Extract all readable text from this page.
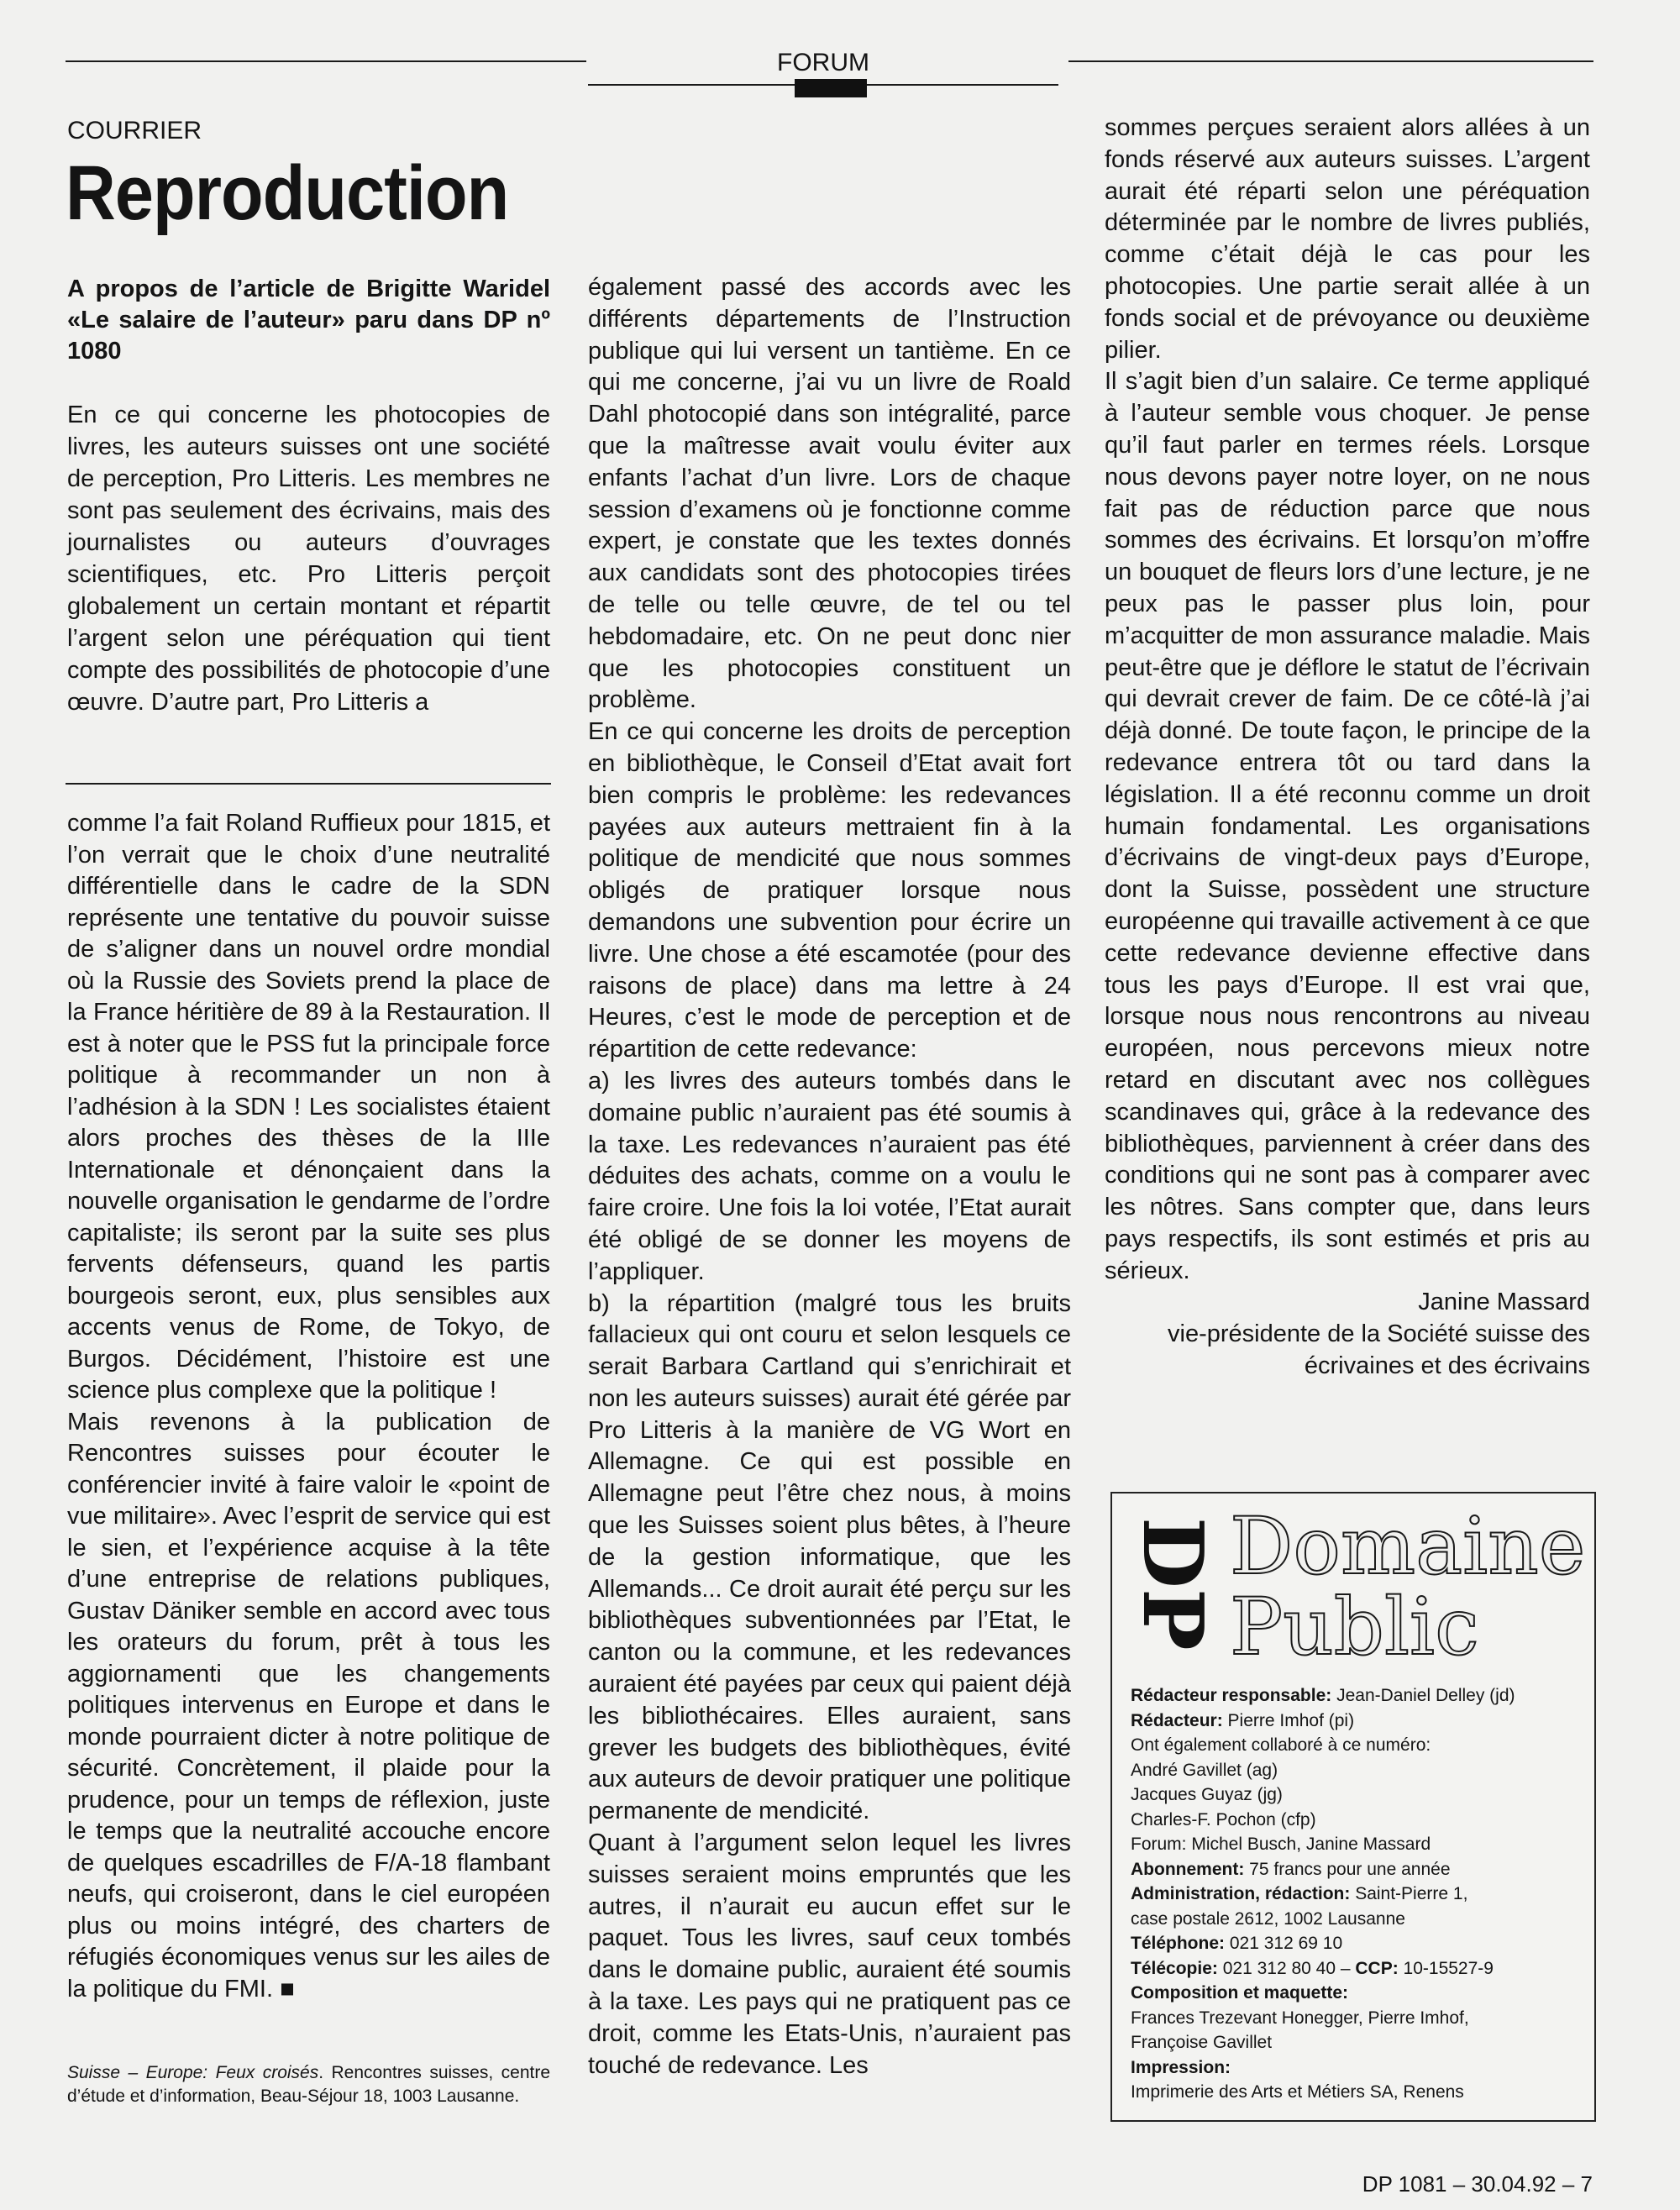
FORUM
COURRIER
Reproduction

A propos de l’article de Brigitte Waridel «Le salaire de l’auteur» paru dans DP nº 1080

En ce qui concerne les photocopies de livres, les auteurs suisses ont une société de perception, Pro Litteris. Les membres ne sont pas seulement des écrivains, mais des journalistes ou auteurs d’ouvrages scientifiques, etc. Pro Litteris perçoit globalement un certain montant et répartit l’argent selon une péréquation qui tient compte des possibilités de photocopie d’une œuvre. D’autre part, Pro Litteris a

comme l’a fait Roland Ruffieux pour 1815, et l’on verrait que le choix d’une neutralité différentielle dans le cadre de la SDN représente une tentative du pouvoir suisse de s’aligner dans un nouvel ordre mondial où la Russie des Soviets prend la place de la France héritière de 89 à la Restauration. Il est à noter que le PSS fut la principale force politique à recommander un non à l’adhésion à la SDN ! Les socialistes étaient alors proches des thèses de la IIIe Internationale et dénonçaient dans la nouvelle organisation le gendarme de l’ordre capitaliste; ils seront par la suite ses plus fervents défenseurs, quand les partis bourgeois seront, eux, plus sensibles aux accents venus de Rome, de Tokyo, de Burgos. Décidément, l’histoire est une science plus complexe que la politique !

Mais revenons à la publication de Rencontres suisses pour écouter le conférencier invité à faire valoir le «point de vue militaire». Avec l’esprit de service qui est le sien, et l’expérience acquise à la tête d’une entreprise de relations publiques, Gustav Däniker semble en accord avec tous les orateurs du forum, prêt à tous les aggiornamenti que les changements politiques intervenus en Europe et dans le monde pourraient dicter à notre politique de sécurité. Concrètement, il plaide pour la prudence, pour un temps de réflexion, juste le temps que la neutralité accouche encore de quelques escadrilles de F/A-18 flambant neufs, qui croiseront, dans le ciel européen plus ou moins intégré, des charters de réfugiés économiques venus sur les ailes de la politique du FMI. ■

Suisse – Europe: Feux croisés. Rencontres suisses, centre d’étude et d’information, Beau-Séjour 18, 1003 Lausanne.

également passé des accords avec les différents départements de l’Instruction publique qui lui versent un tantième. En ce qui me concerne, j’ai vu un livre de Roald Dahl photocopié dans son intégralité, parce que la maîtresse avait voulu éviter aux enfants l’achat d’un livre. Lors de chaque session d’examens où je fonctionne comme expert, je constate que les textes donnés aux candidats sont des photocopies tirées de telle ou telle œuvre, de tel ou tel hebdomadaire, etc. On ne peut donc nier que les photocopies constituent un problème.

En ce qui concerne les droits de perception en bibliothèque, le Conseil d’Etat avait fort bien compris le problème: les redevances payées aux auteurs mettraient fin à la politique de mendicité que nous sommes obligés de pratiquer lorsque nous demandons une subvention pour écrire un livre. Une chose a été escamotée (pour des raisons de place) dans ma lettre à 24 Heures, c’est le mode de perception et de répartition de cette redevance:

a) les livres des auteurs tombés dans le domaine public n’auraient pas été soumis à la taxe. Les redevances n’auraient pas été déduites des achats, comme on a voulu le faire croire. Une fois la loi votée, l’Etat aurait été obligé de se donner les moyens de l’appliquer.

b) la répartition (malgré tous les bruits fallacieux qui ont couru et selon lesquels ce serait Barbara Cartland qui s’enrichirait et non les auteurs suisses) aurait été gérée par Pro Litteris à la manière de VG Wort en Allemagne. Ce qui est possible en Allemagne peut l’être chez nous, à moins que les Suisses soient plus bêtes, à l’heure de la gestion informatique, que les Allemands... Ce droit aurait été perçu sur les bibliothèques subventionnées par l’Etat, le canton ou la commune, et les redevances auraient été payées par ceux qui paient déjà les bibliothécaires. Elles auraient, sans grever les budgets des bibliothèques, évité aux auteurs de devoir pratiquer une politique permanente de mendicité.

Quant à l’argument selon lequel les livres suisses seraient moins empruntés que les autres, il n’aurait eu aucun effet sur le paquet. Tous les livres, sauf ceux tombés dans le domaine public, auraient été soumis à la taxe. Les pays qui ne pratiquent pas ce droit, comme les Etats-Unis, n’auraient pas touché de redevance. Les

sommes perçues seraient alors allées à un fonds réservé aux auteurs suisses. L’argent aurait été réparti selon une péréquation déterminée par le nombre de livres publiés, comme c’était déjà le cas pour les photocopies. Une partie serait allée à un fonds social et de prévoyance ou deuxième pilier.

Il s’agit bien d’un salaire. Ce terme appliqué à l’auteur semble vous choquer. Je pense qu’il faut parler en termes réels. Lorsque nous devons payer notre loyer, on ne nous fait pas de réduction parce que nous sommes des écrivains. Et lorsqu’on m’offre un bouquet de fleurs lors d’une lecture, je ne peux pas le passer plus loin, pour m’acquitter de mon assurance maladie. Mais peut-être que je déflore le statut de l’écrivain qui devrait crever de faim. De ce côté-là j’ai déjà donné. De toute façon, le principe de la redevance entrera tôt ou tard dans la législation. Il a été reconnu comme un droit humain fondamental. Les organisations d’écrivains de vingt-deux pays d’Europe, dont la Suisse, possèdent une structure européenne qui travaille activement à ce que cette redevance devienne effective dans tous les pays d’Europe. Il est vrai que, lorsque nous nous rencontrons au niveau européen, nous percevons mieux notre retard en discutant avec nos collègues scandinaves qui, grâce à la redevance des bibliothèques, parviennent à créer dans des conditions qui ne sont pas à comparer avec les nôtres. Sans compter que, dans leurs pays respectifs, ils sont estimés et pris au sérieux.

Janine Massard

vie-présidente de la Société suisse des

écrivaines et des écrivains

DP Domaine
Public
Rédacteur responsable: Jean-Daniel Delley (jd)
Rédacteur: Pierre Imhof (pi)
Ont également collaboré à ce numéro:
André Gavillet (ag)
Jacques Guyaz (jg)
Charles-F. Pochon (cfp)
Forum: Michel Busch, Janine Massard
Abonnement: 75 francs pour une année
Administration, rédaction: Saint-Pierre 1,
case postale 2612, 1002 Lausanne
Téléphone: 021 312 69 10
Télécopie: 021 312 80 40 – CCP: 10-15527-9
Composition et maquette:
Frances Trezevant Honegger, Pierre Imhof,
Françoise Gavillet
Impression:
Imprimerie des Arts et Métiers SA, Renens
DP 1081 – 30.04.92 – 7
